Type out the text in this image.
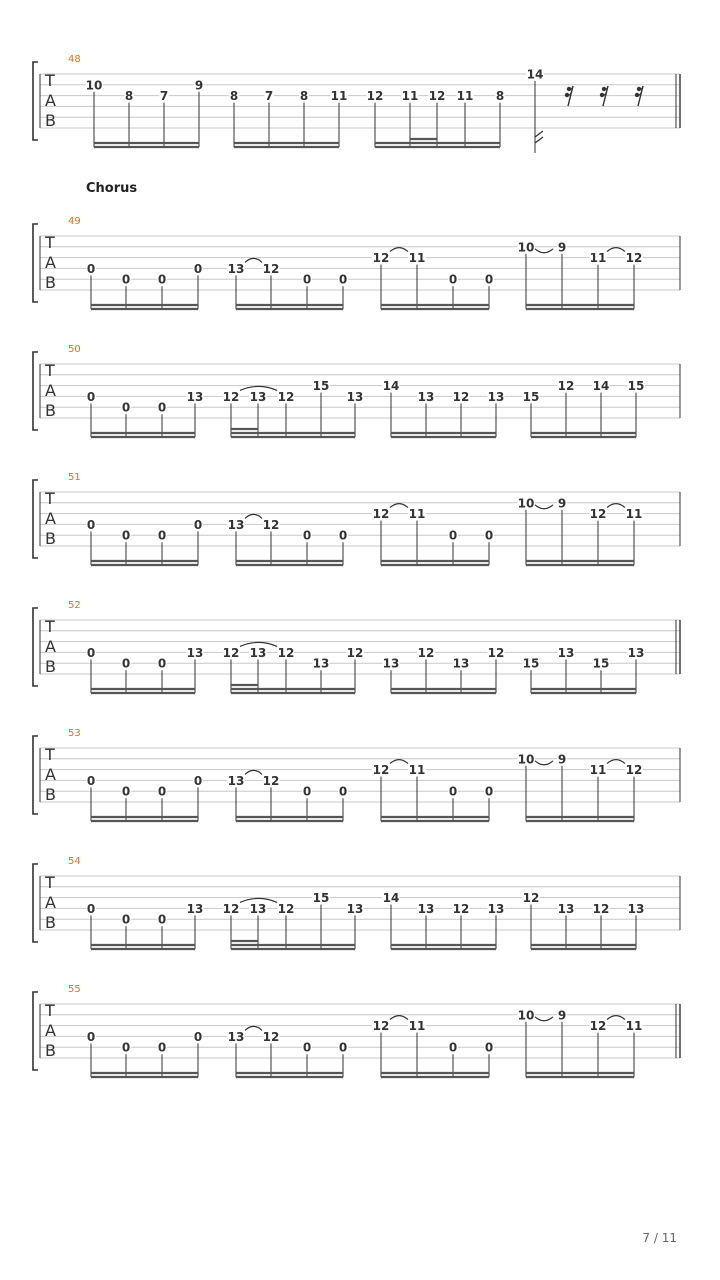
48
T
A
B
10
8 7
9
8 7 8 11 12 11 12 11 8
14
49
T
A
B
0
0 0
0 13 12
0 0
12 11
0 0
10 9
11 12
50
T
A
B
0
0 0
13 12 13 12
15
13
14
13 12 13 15
12 14 15
51
T
A
B
0
0 0
0 13 12
0 0
12 11
0 0
10 9
12 11
52
T
A
B
0
0 0
13 12 13 12
13
12
13
12
13
12
15
13
15
13
53
T
A
B
0
0 0
0 13 12
0 0
12 11
0 0
10 9
11 12
54
T
A
B
0
0 0
13 12 13 12
15
13
14
13 12 13
12
13 12 13
55
T
A
B
0
0 0
0 13 12
0 0
12 11
0 0
10 9
12 11
Chorus
7 / 11
